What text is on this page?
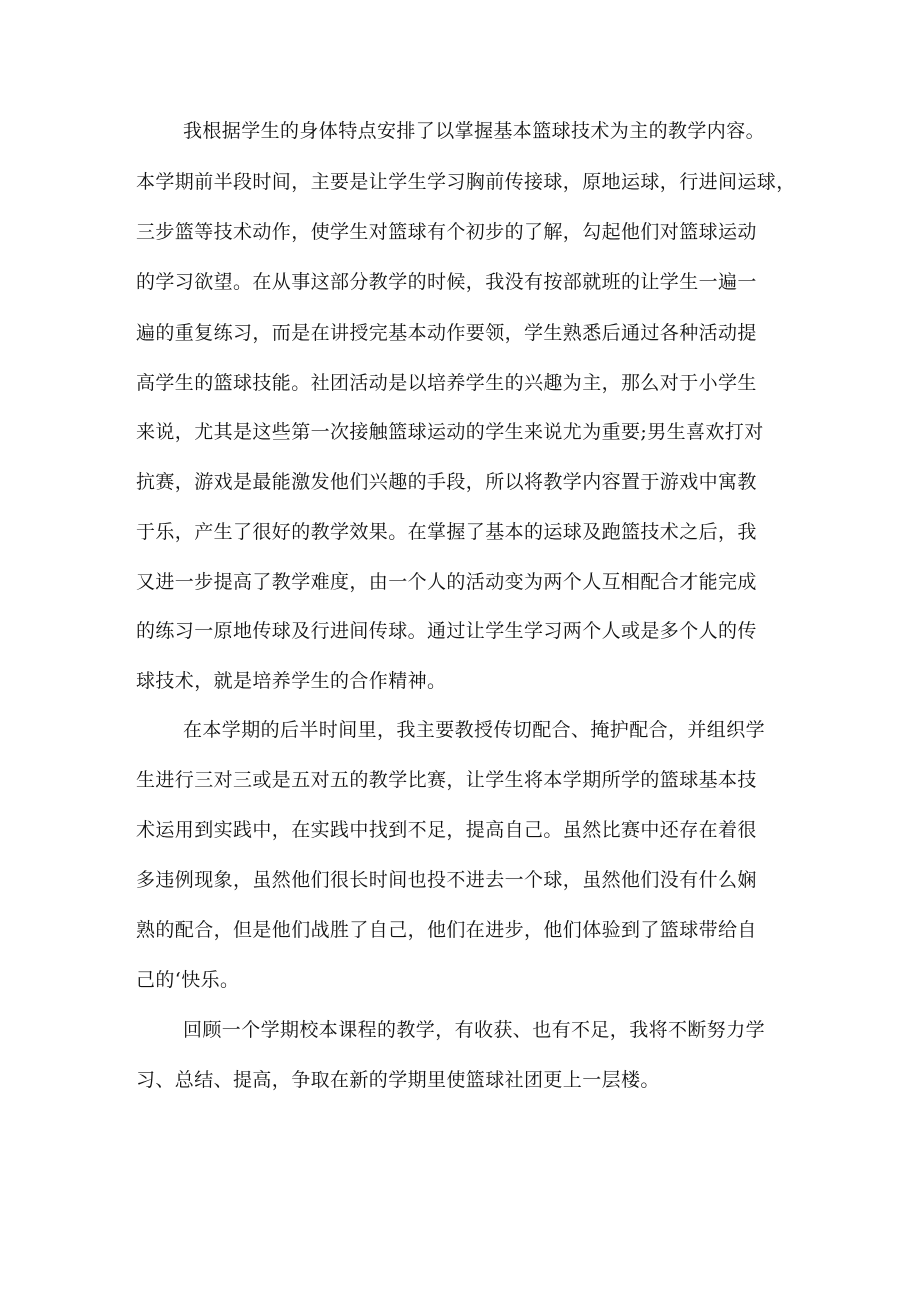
我根据学生的身体特点安排了以掌握基本篮球技术为主的教学内容。
本学期前半段时间，主要是让学生学习胸前传接球，原地运球，行进间运球，
三步篮等技术动作，使学生对篮球有个初步的了解，勾起他们对篮球运动
的学习欲望。在从事这部分教学的时候，我没有按部就班的让学生一遍一
遍的重复练习，而是在讲授完基本动作要领，学生熟悉后通过各种活动提
高学生的篮球技能。社团活动是以培养学生的兴趣为主，那么对于小学生
来说，尤其是这些第一次接触篮球运动的学生来说尤为重要;男生喜欢打对
抗赛，游戏是最能激发他们兴趣的手段，所以将教学内容置于游戏中寓教
于乐，产生了很好的教学效果。在掌握了基本的运球及跑篮技术之后，我
又进一步提高了教学难度，由一个人的活动变为两个人互相配合才能完成
的练习一原地传球及行进间传球。通过让学生学习两个人或是多个人的传
球技术，就是培养学生的合作精神。
在本学期的后半时间里，我主要教授传切配合、掩护配合，并组织学
生进行三对三或是五对五的教学比赛，让学生将本学期所学的篮球基本技
术运用到实践中，在实践中找到不足，提高自己。虽然比赛中还存在着很
多违例现象，虽然他们很长时间也投不进去一个球，虽然他们没有什么娴
熟的配合，但是他们战胜了自己，他们在进步，他们体验到了篮球带给自
己的‘快乐。
回顾一个学期校本课程的教学，有收获、也有不足，我将不断努力学
习、总结、提高，争取在新的学期里使篮球社团更上一层楼。
